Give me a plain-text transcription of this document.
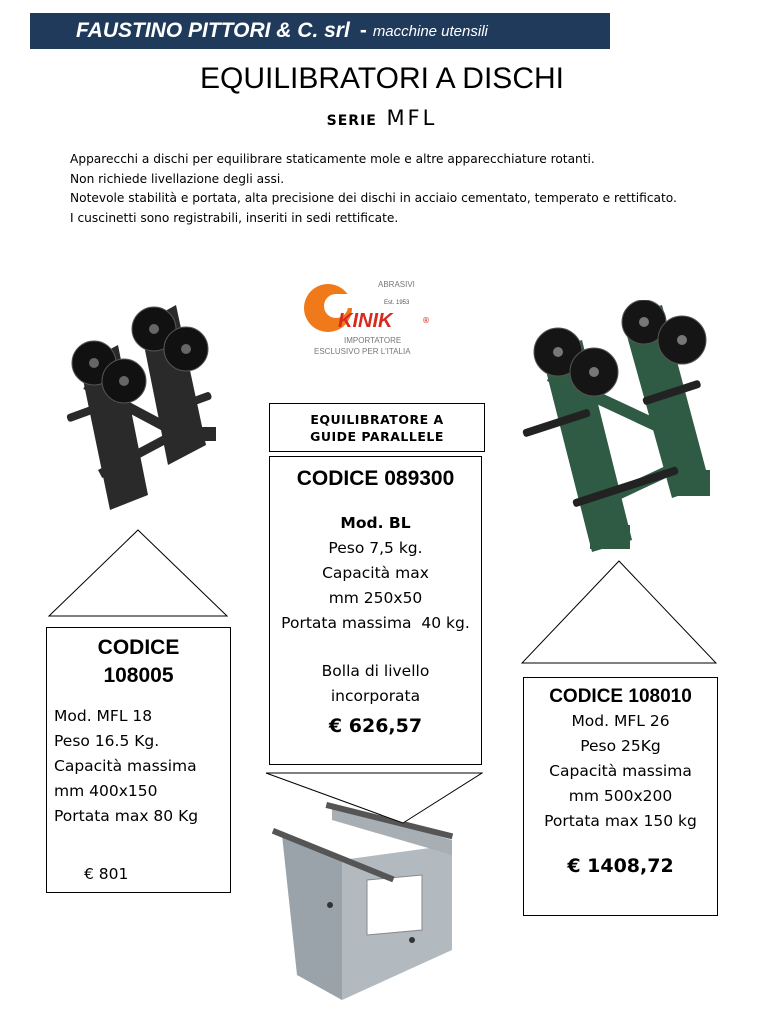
FAUSTINO PITTORI & C. srl - macchine utensili
EQUILIBRATORI A DISCHI
SERIE MFL

Apparecchi a dischi per equilibrare staticamente mole e altre apparecchiature rotanti.

Non richiede livellazione degli assi.

Notevole stabilità e portata, alta precisione dei dischi in acciaio cementato, temperato e rettificato.

I cuscinetti sono registrabili, inseriti in sedi rettificate.

ABRASIVI
Est. 1953
KINIK	®
IMPORTATORE
ESCLUSIVO PER L'ITALIA
EQUILIBRATORE A
GUIDE PARALLELE
CODICE 089300
Mod. BL
Peso 7,5 kg.
Capacità max
mm 250x50
Portata massima  40 kg.
Bolla di livello
incorporata
€ 626,57
CODICE
108005
Mod. MFL 18
Peso 16.5 Kg.
Capacità massima
mm 400x150
Portata max 80 Kg
€ 801
CODICE 108010
Mod. MFL 26
Peso 25Kg
Capacità massima
mm 500x200
Portata max 150 kg
€ 1408,72
